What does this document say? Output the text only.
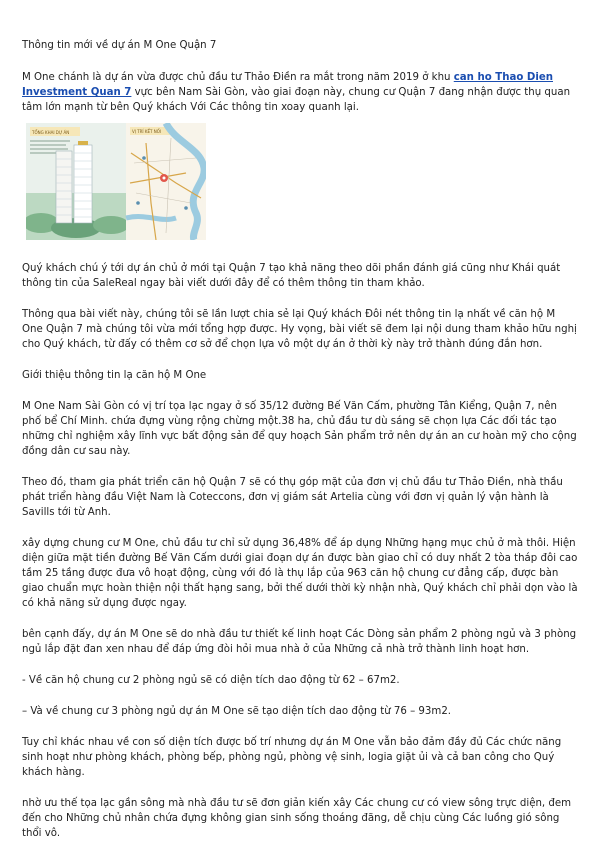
Thông tin mới về dự án M One Quận 7

M One chánh là dự án vừa được chủ đầu tư Thảo Điền ra mắt trong năm 2019 ở khu can ho Thao Dien Investment Quan 7 vực bên Nam Sài Gòn, vào giai đoạn này, chung cư Quận 7 đang nhận được thụ quan tâm lớn mạnh từ bên Quý khách Với Các thông tin xoay quanh lại.

TỔNG KHAI DỰ ÁN	VỊ TRÍ KẾT NỐI

Quý khách chú ý tới dự án chủ ở mới tại Quận 7 tạo khả năng theo dõi phần đánh giá cũng như Khái quát thông tin của SaleReal ngay bài viết dưới đây để có thêm thông tin tham khảo.

Thông qua bài viết này, chúng tôi sẽ lần lượt chia sẻ lại Quý khách Đôi nét thông tin lạ nhất về căn hộ M One Quận 7 mà chúng tôi vừa mới tổng hợp được. Hy vọng, bài viết sẽ đem lại nội dung tham khảo hữu nghị cho Quý khách, từ đấy có thêm cơ sở để chọn lựa vô một dự án ở thời kỳ này trở thành đúng đắn hơn.

Giới thiệu thông tin lạ căn hộ M One

M One Nam Sài Gòn có vị trí tọa lạc ngay ở số 35/12 đường Bế Văn Cấm, phường Tân Kiểng, Quận 7, nên phố bể Chí Minh. chứa đựng vùng rộng chừng một.38 ha, chủ đầu tư dù sáng sẽ chọn lựa Các đối tác tạo những chỉ nghiệm xây lĩnh vực bất động sản để quy hoạch Sản phẩm trở nên dự án an cư hoàn mỹ cho cộng đồng dân cư sau này.

Theo đó, tham gia phát triển căn hộ Quận 7 sẽ có thụ góp mặt của đơn vị chủ đầu tư Thảo Điền, nhà thầu phát triển hàng đầu Việt Nam là Coteccons, đơn vị giám sát Artelia cùng với đơn vị quản lý vận hành là Savills tới từ Anh.

xây dựng chung cư M One, chủ đầu tư chỉ sử dụng 36,48% để áp dụng Những hạng mục chủ ở mà thôi. Hiện diện giữa mặt tiền đường Bế Văn Cấm dưới giai đoạn dự án được bàn giao chỉ có duy nhất 2 tòa tháp đôi cao tầm 25 tầng được đưa vô hoạt động, cùng với đó là thụ lắp của 963 căn hộ chung cư đẳng cấp, được bàn giao chuẩn mực hoàn thiện nội thất hạng sang, bởi thế dưới thời kỳ nhận nhà, Quý khách chỉ phải dọn vào là có khả năng sử dụng được ngay.

bên cạnh đấy, dự án M One sẽ do nhà đầu tư thiết kế linh hoạt Các Dòng sản phẩm 2 phòng ngủ và 3 phòng ngủ lắp đặt đan xen nhau để đáp ứng đòi hỏi mua nhà ở của Những cả nhà trở thành linh hoạt hơn.

- Về căn hộ chung cư 2 phòng ngủ sẽ có diện tích dao động từ 62 – 67m2.

– Và về chung cư 3 phòng ngủ dự án M One sẽ tạo diện tích dao động từ 76 – 93m2.

Tuy chỉ khác nhau về con số diện tích được bố trí nhưng dự án M One vẫn bảo đảm đầy đủ Các chức năng sinh hoạt như phòng khách, phòng bếp, phòng ngủ, phòng vệ sinh, logia giặt ủi và cả ban công cho Quý khách hàng.

nhờ ưu thế tọa lạc gần sông mà nhà đầu tư sẽ đơn giản kiến xây Các chung cư có view sông trực diện, đem đến cho Những chủ nhân chứa đựng không gian sinh sống thoáng đãng, dễ chịu cùng Các luồng gió sông thổi vô.
